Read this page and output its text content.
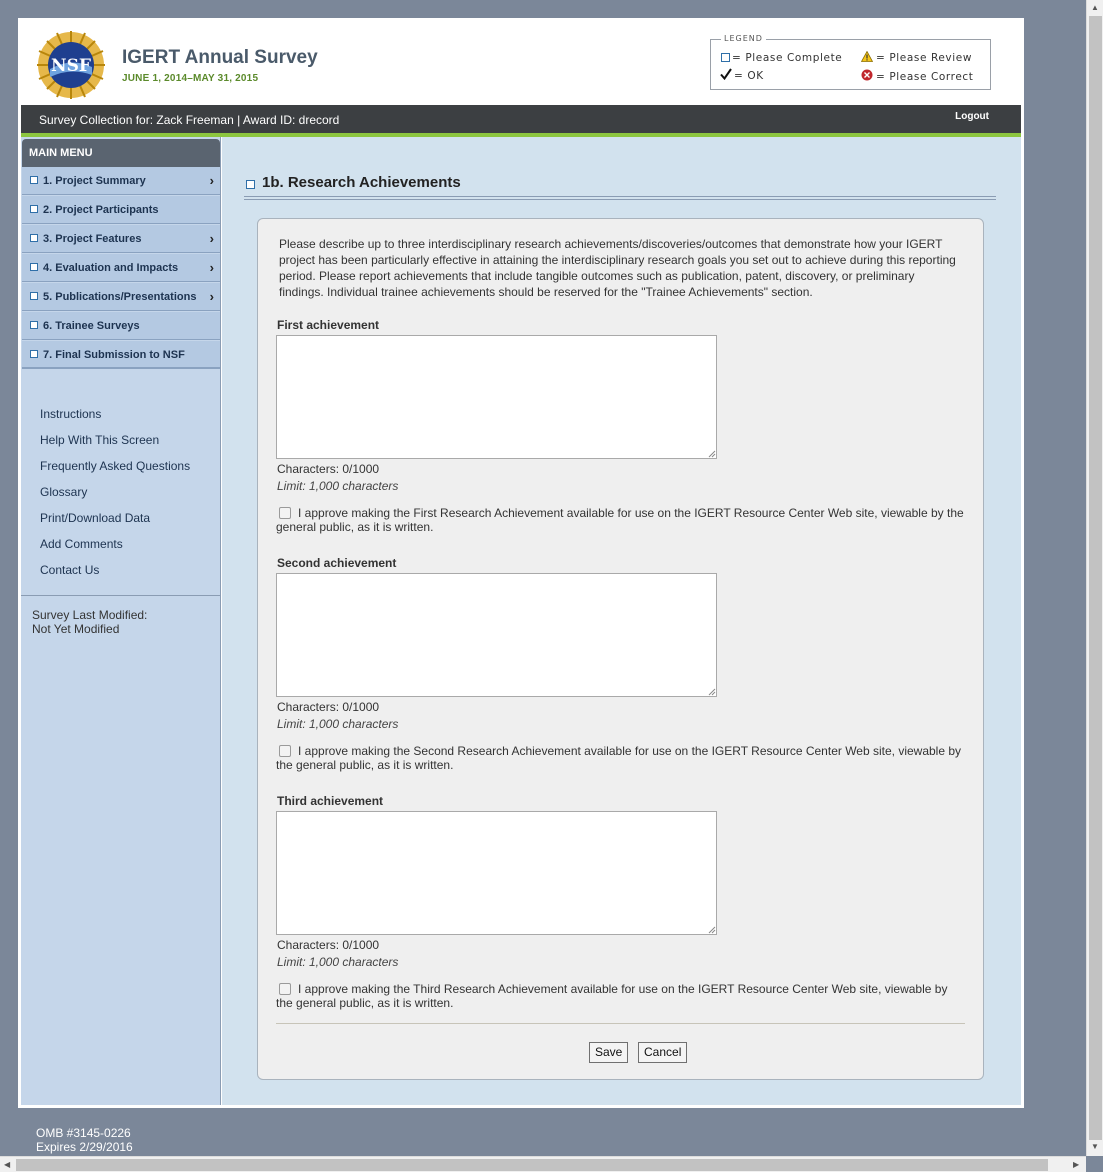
NSF IGERT Annual Survey
JUNE 1, 2014–MAY 31, 2015
LEGEND
= Please Complete	= Please Review
= OK	= Please Correct
Survey Collection for: Zack Freeman | Award ID: drecord	Logout
MAIN MENU
1. Project Summary	›
2. Project Participants
3. Project Features	›
4. Evaluation and Impacts ›
5. Publications/Presentations ›
6. Trainee Surveys
7. Final Submission to NSF
Instructions
Help With This Screen
Frequently Asked Questions
Glossary
Print/Download Data
Add Comments
Contact Us
Survey Last Modified:
Not Yet Modified
1b. Research Achievements
Please describe up to three interdisciplinary research achievements/discoveries/outcomes that demonstrate how your IGERT project has been particularly effective in attaining the interdisciplinary research goals you set out to achieve during this reporting period. Please report achievements that include tangible outcomes such as publication, patent, discovery, or preliminary findings. Individual trainee achievements should be reserved for the "Trainee Achievements" section.
First achievement
Characters: 0/1000
Limit: 1,000 characters
I approve making the First Research Achievement available for use on the IGERT Resource Center Web site, viewable by the general public, as it is written.
Second achievement
Characters: 0/1000
Limit: 1,000 characters
I approve making the Second Research Achievement available for use on the IGERT Resource Center Web site, viewable by the general public, as it is written.
Third achievement
Characters: 0/1000
Limit: 1,000 characters
I approve making the Third Research Achievement available for use on the IGERT Resource Center Web site, viewable by the general public, as it is written.
Save	Cancel
OMB #3145-0226
Expires 2/29/2016
▲
▼
◀	▶
